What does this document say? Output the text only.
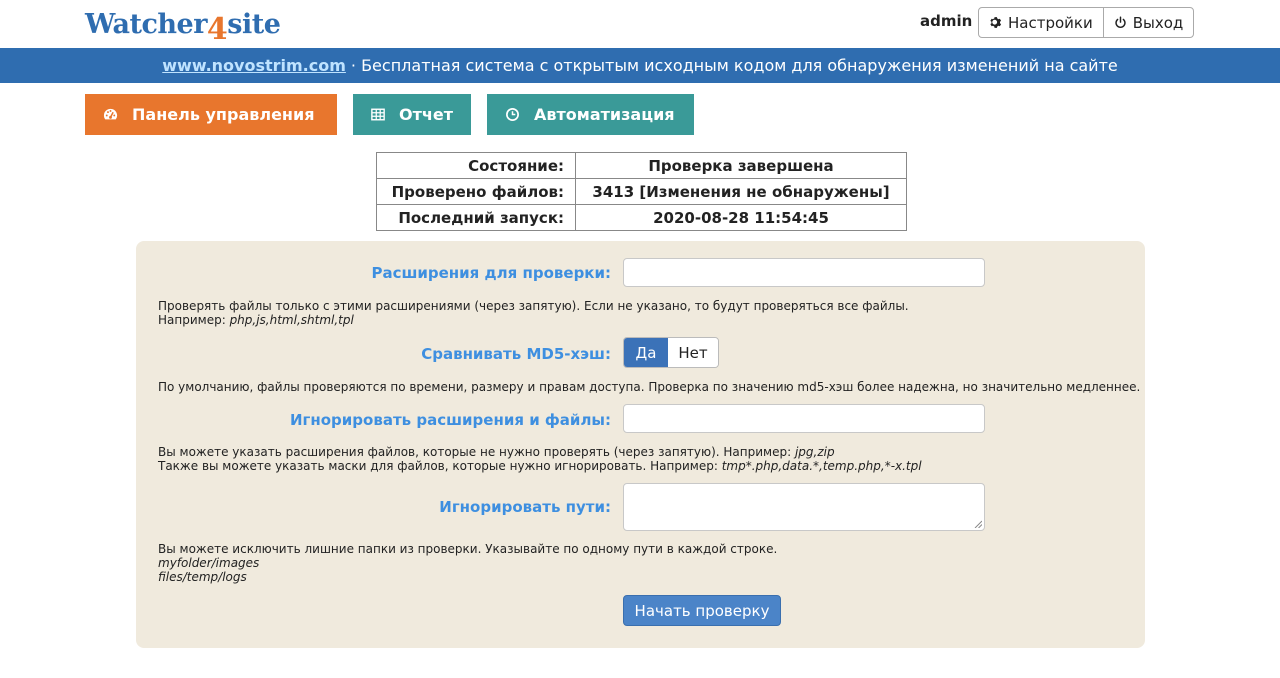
Watcher4site	admin Настройки	Выход
www.novostrim.com · Бесплатная система с открытым исходным кодом для обнаружения изменений на сайте
Панель управления	Отчет	Автоматизация
Состояние:	Проверка завершена
Проверено файлов:	3413 [Изменения не обнаружены]
Последний запуск:	2020-08-28 11:54:45
Расширения для проверки:
Проверять файлы только с этими расширениями (через запятую). Если не указано, то будут проверяться все файлы.
Например: php,js,html,shtml,tpl
Сравнивать MD5-хэш:	Да	Нет
По умолчанию, файлы проверяются по времени, размеру и правам доступа. Проверка по значению md5-хэш более надежна, но значительно медленнее.
Игнорировать расширения и файлы:
Вы можете указать расширения файлов, которые не нужно проверять (через запятую). Например: jpg,zip
Также вы можете указать маски для файлов, которые нужно игнорировать. Например: tmp*.php,data.*,temp.php,*-x.tpl
Игнорировать пути:
Вы можете исключить лишние папки из проверки. Указывайте по одному пути в каждой строке.
myfolder/images
files/temp/logs
Начать проверку
